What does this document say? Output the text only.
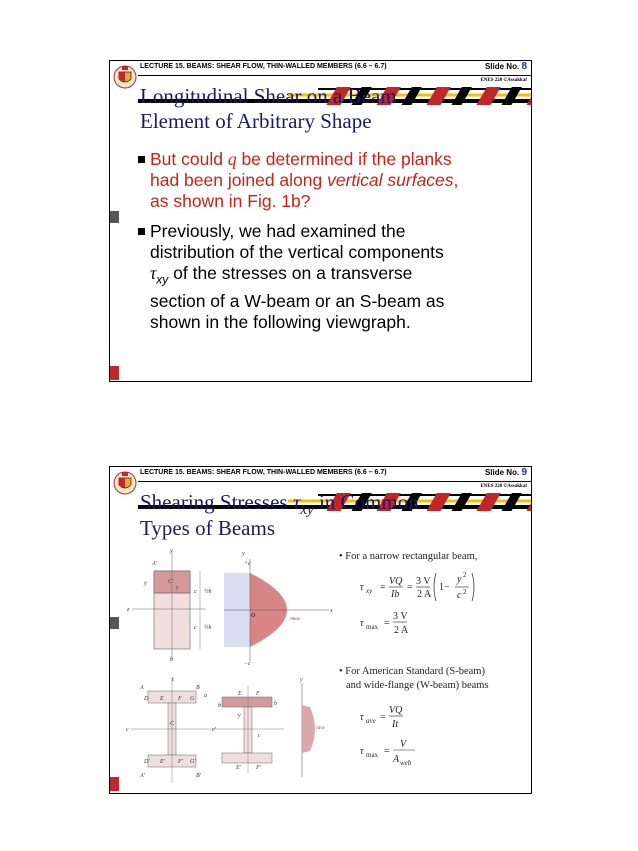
LECTURE 15. BEAMS: SHEAR FLOW, THIN-WALLED MEMBERS (6.6 – 6.7)	Slide No. 8
ENES 220 ©Assakkaf
Longitudinal Shear on a Beam
Element of Arbitrary Shape
But could q be determined if the planks
had been joined along vertical surfaces,
as shown in Fig. 1b?
Previously, we had examined the
distribution of the vertical components
$\tau_{xy}$ of the stresses on a transverse
section of a W-beam or an S-beam as
shown in the following viewgraph.
LECTURE 15. BEAMS: SHEAR FLOW, THIN-WALLED MEMBERS (6.6 – 6.7)	Slide No. 9
ENES 220 ©Assakkaf
Shearing Stresses $\tau_{xy}$ in Common
Types of Beams
• For a narrow rectangular beam,
τ xy =
VQ
Ib
=
3 V
2 A
1−
y 2
c 2
τ max =
3 V
2 A
• For American Standard (S-beam)
and wide-flange (W-beam) beams
τ ave =
VQ
It
τ max =
V
A web
A'
C'
y
ȳ
y
z
c ½h
c ½h
b
y
+c
O
τmax
−c
x
t
A	B
D E F G
C
D' E' F' G'
A'	B'
a
c	c'
b
E F
y
b
E'	F'
t
y
τave
